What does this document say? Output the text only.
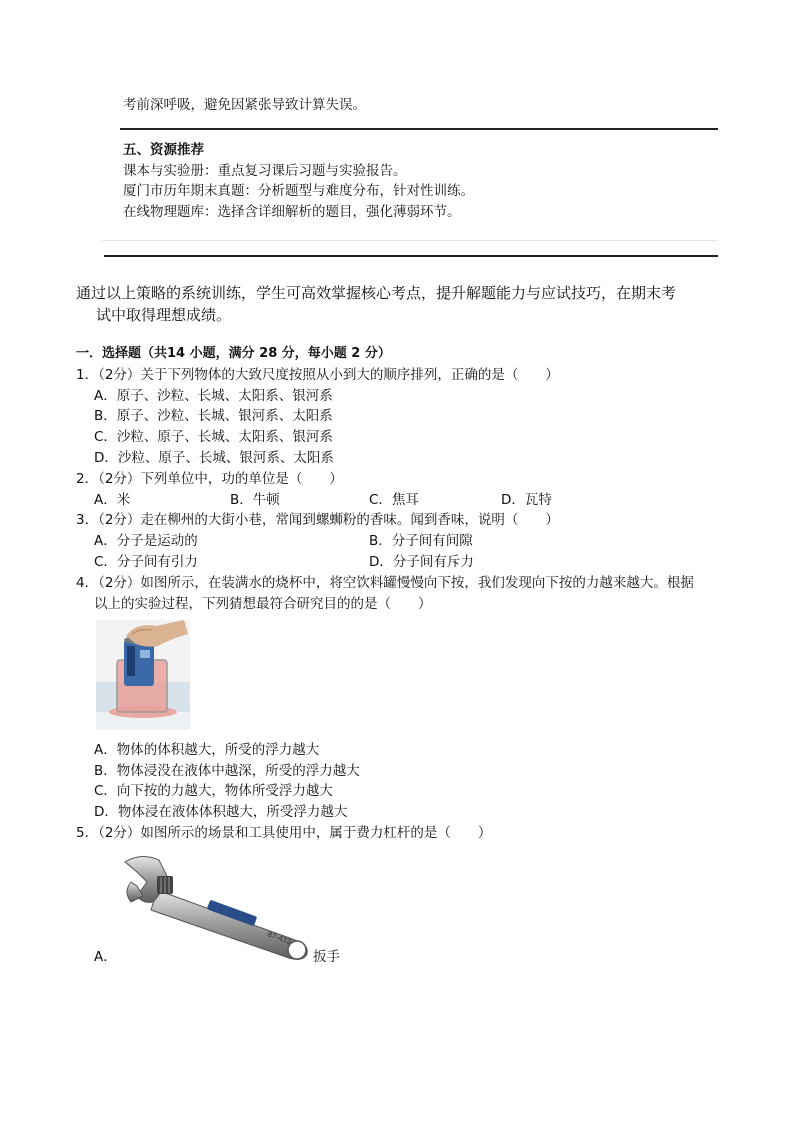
考前深呼吸，避免因紧张导致计算失误。
五、资源推荐
课本与实验册：重点复习课后习题与实验报告。
厦门市历年期末真题：分析题型与难度分布，针对性训练。
在线物理题库：选择含详细解析的题目，强化薄弱环节。
通过以上策略的系统训练，学生可高效掌握核心考点，提升解题能力与应试技巧，在期末考
试中取得理想成绩。
一．选择题（共14 小题，满分 28 分，每小题 2 分）
1．（2分）关于下列物体的大致尺度按照从小到大的顺序排列，正确的是（　　）
A．原子、沙粒、长城、太阳系、银河系
B．原子、沙粒、长城、银河系、太阳系
C．沙粒、原子、长城、太阳系、银河系
D．沙粒、原子、长城、银河系、太阳系
2．（2分）下列单位中，功的单位是（　　）
A．米	B．牛顿	C．焦耳	D．瓦特
3．（2分）走在柳州的大街小巷，常闻到螺蛳粉的香味。闻到香味，说明（　　）
A．分子是运动的	B．分子间有间隙
C．分子间有引力	D．分子间有斥力
4．（2分）如图所示，在装满水的烧杯中，将空饮料罐慢慢向下按，我们发现向下按的力越来越大。根据
以上的实验过程，下列猜想最符合研究目的的是（　　）
A．物体的体积越大，所受的浮力越大
B．物体浸没在液体中越深，所受的浮力越大
C．向下按的力越大，物体所受浮力越大
D．物体浸在液体体积越大，所受浮力越大
5．（2分）如图所示的场景和工具使用中，属于费力杠杆的是（　　）
87-432
A．	扳手
